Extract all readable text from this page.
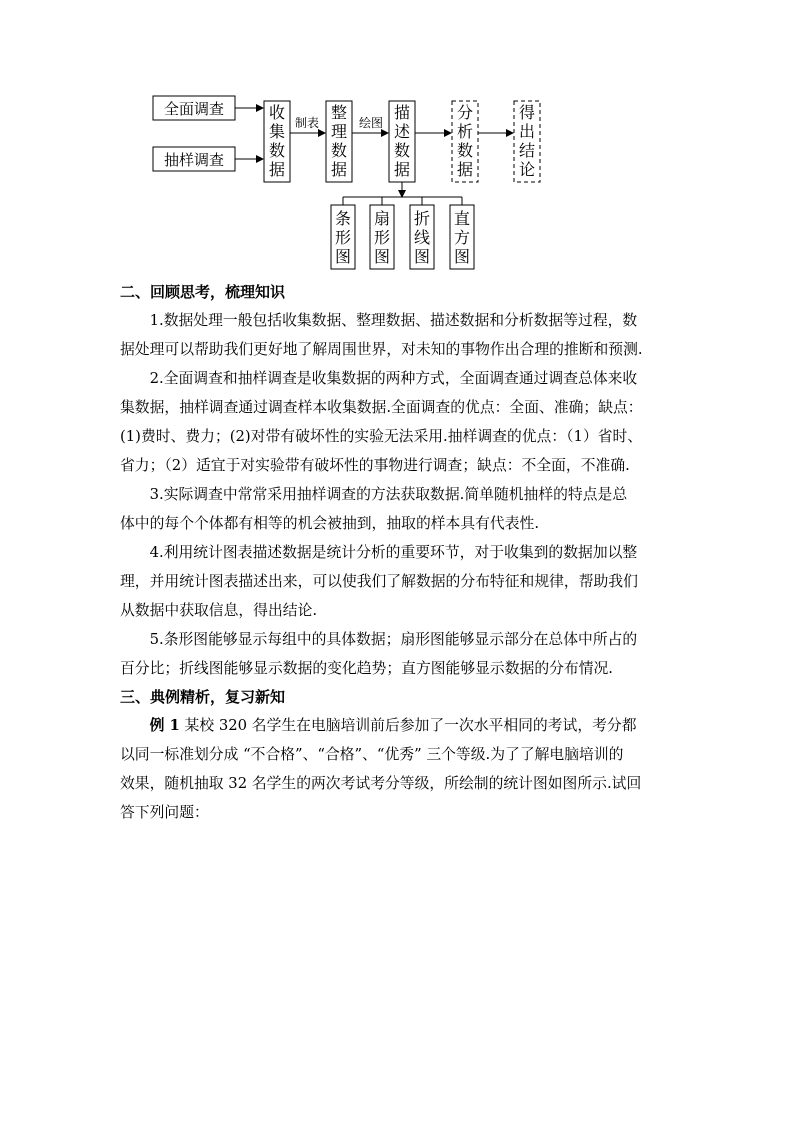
全面调查
抽样调查
收
集
数
据
制表
整
理
数
据
绘图
描
述
数
据
分
析
数
据
得
出
结
论
条
形
图
扇
形
图
折
线
图
直
方
图

二、回顾思考，梳理知识

1.数据处理一般包括收集数据、整理数据、描述数据和分析数据等过程，数
据处理可以帮助我们更好地了解周围世界，对未知的事物作出合理的推断和预测.

2.全面调查和抽样调查是收集数据的两种方式，全面调查通过调查总体来收
集数据，抽样调查通过调查样本收集数据.全面调查的优点：全面、准确；缺点：
(1)费时、费力；(2)对带有破坏性的实验无法采用.抽样调查的优点：（1）省时、
省力；（2）适宜于对实验带有破坏性的事物进行调查；缺点：不全面，不准确.

3.实际调查中常常采用抽样调查的方法获取数据.简单随机抽样的特点是总
体中的每个个体都有相等的机会被抽到，抽取的样本具有代表性.

4.利用统计图表描述数据是统计分析的重要环节，对于收集到的数据加以整
理，并用统计图表描述出来，可以使我们了解数据的分布特征和规律，帮助我们
从数据中获取信息，得出结论.

5.条形图能够显示每组中的具体数据；扇形图能够显示部分在总体中所占的
百分比；折线图能够显示数据的变化趋势；直方图能够显示数据的分布情况.

三、典例精析，复习新知

例 1 某校 320 名学生在电脑培训前后参加了一次水平相同的考试，考分都
以同一标准划分成 “不合格”、“合格”、“优秀” 三个等级.为了了解电脑培训的
效果，随机抽取 32 名学生的两次考试考分等级，所绘制的统计图如图所示.试回
答下列问题：
